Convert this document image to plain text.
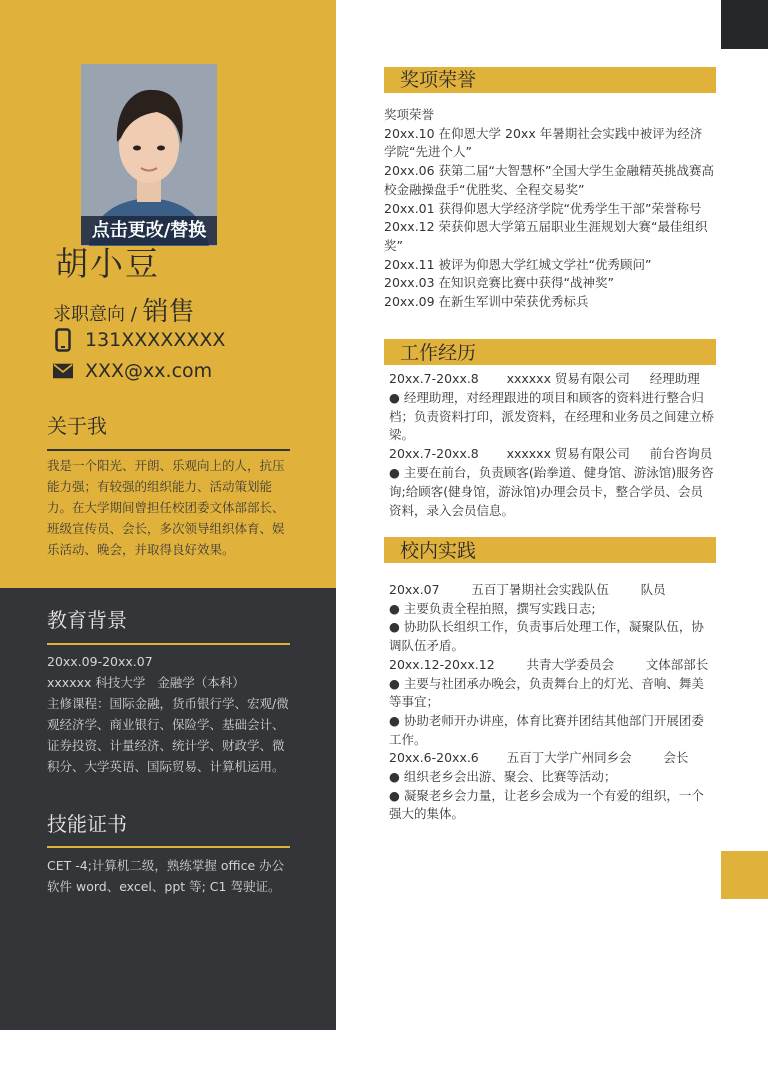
点击更改/替换
胡小豆
求职意向 / 销售
131XXXXXXXX
XXX@xx.com
关于我
我是一个阳光、开朗、乐观向上的人，抗压能力强；有较强的组织能力、活动策划能力。在大学期间曾担任校团委文体部部长、班级宣传员、会长，多次领导组织体育、娱乐活动、晚会，并取得良好效果。
教育背景
20xx.09-20xx.07
xxxxxx 科技大学   金融学（本科）
主修课程：国际金融，货币银行学、宏观/微观经济学、商业银行、保险学、基础会计、证券投资、计量经济、统计学、财政学、微积分、大学英语、国际贸易、计算机运用。
技能证书
CET -4;计算机二级，熟练掌握 office 办公软件 word、excel、ppt 等; C1 驾驶证。
奖项荣誉
奖项荣誉
20xx.10 在仰恩大学 20xx 年暑期社会实践中被评为经济学院“先进个人”
20xx.06 获第二届“大智慧杯”全国大学生金融精英挑战赛高校金融操盘手“优胜奖、全程交易奖”
20xx.01 获得仰恩大学经济学院“优秀学生干部”荣誉称号
20xx.12 荣获仰恩大学第五届职业生涯规划大赛“最佳组织奖”
20xx.11 被评为仰恩大学红城文学社“优秀顾问”
20xx.03 在知识竞赛比赛中获得“战神奖”
20xx.09 在新生军训中荣获优秀标兵
工作经历
20xx.7-20xx.8       xxxxxx 贸易有限公司     经理助理
● 经理助理，对经理跟进的项目和顾客的资料进行整合归档；负责资料打印，派发资料，在经理和业务员之间建立桥梁。
20xx.7-20xx.8       xxxxxx 贸易有限公司     前台咨询员
● 主要在前台，负责顾客(跆拳道、健身馆、游泳馆)服务咨询;给顾客(健身馆，游泳馆)办理会员卡，整合学员、会员资料，录入会员信息。
校内实践
20xx.07        五百丁暑期社会实践队伍        队员
● 主要负责全程拍照，撰写实践日志;
● 协助队长组织工作，负责事后处理工作，凝聚队伍，协调队伍矛盾。
20xx.12-20xx.12        共青大学委员会        文体部部长
● 主要与社团承办晚会，负责舞台上的灯光、音响、舞美等事宜；
● 协助老师开办讲座，体育比赛并团结其他部门开展团委工作。
20xx.6-20xx.6       五百丁大学广州同乡会        会长
● 组织老乡会出游、聚会、比赛等活动；
● 凝聚老乡会力量，让老乡会成为一个有爱的组织，一个强大的集体。
